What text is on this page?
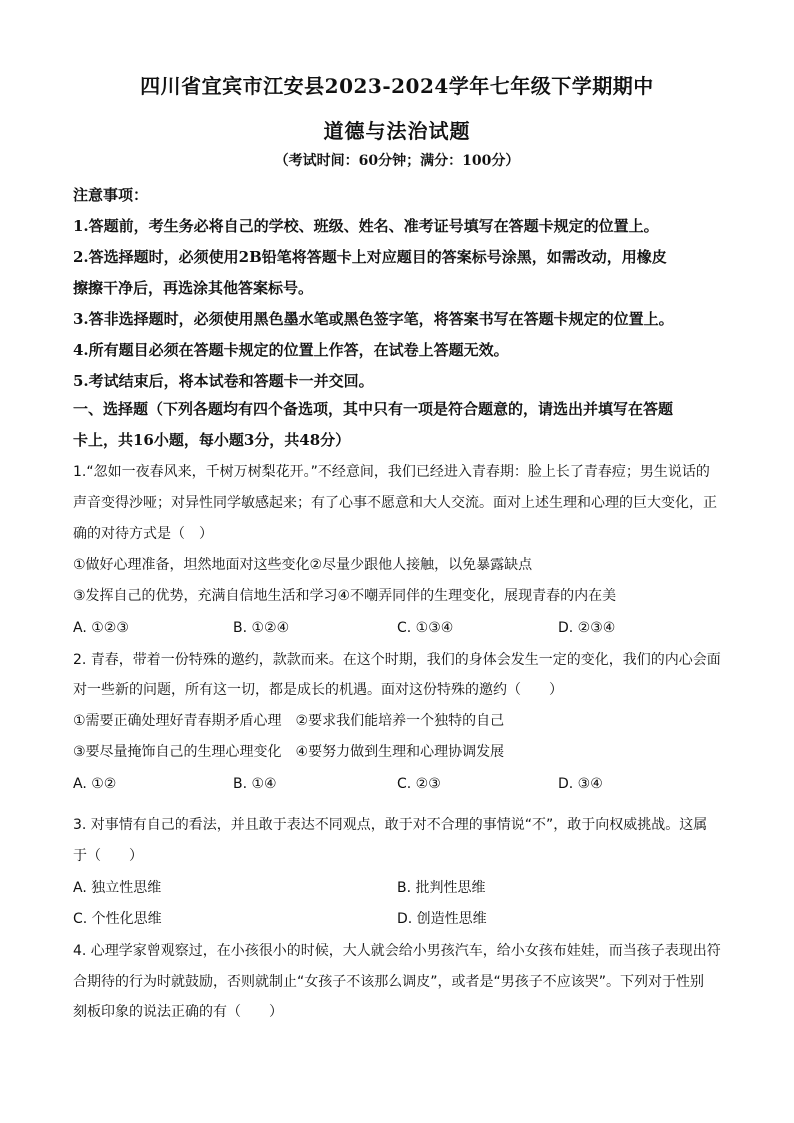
四川省宜宾市江安县2023-2024学年七年级下学期期中
道德与法治试题
（考试时间：60分钟；满分：100分）
注意事项：
1.答题前，考生务必将自己的学校、班级、姓名、准考证号填写在答题卡规定的位置上。
2.答选择题时，必须使用2B铅笔将答题卡上对应题目的答案标号涂黑，如需改动，用橡皮
擦擦干净后，再选涂其他答案标号。
3.答非选择题时，必须使用黑色墨水笔或黑色签字笔，将答案书写在答题卡规定的位置上。
4.所有题目必须在答题卡规定的位置上作答，在试卷上答题无效。
5.考试结束后，将本试卷和答题卡一并交回。
一、选择题（下列各题均有四个备选项，其中只有一项是符合题意的，请选出并填写在答题
卡上，共16小题，每小题3分，共48分）
1.“忽如一夜春风来，千树万树梨花开。”不经意间，我们已经进入青春期：脸上长了青春痘；男生说话的
声音变得沙哑；对异性同学敏感起来；有了心事不愿意和大人交流。面对上述生理和心理的巨大变化，正
确的对待方式是（　）
①做好心理准备，坦然地面对这些变化②尽量少跟他人接触，以免暴露缺点
③发挥自己的优势，充满自信地生活和学习④不嘲弄同伴的生理变化，展现青春的内在美
A. ①②③	B. ①②④	C. ①③④	D. ②③④
2. 青春，带着一份特殊的邀约，款款而来。在这个时期，我们的身体会发生一定的变化，我们的内心会面
对一些新的问题，所有这一切，都是成长的机遇。面对这份特殊的邀约（　　）
①需要正确处理好青春期矛盾心理　②要求我们能培养一个独特的自己
③要尽量掩饰自己的生理心理变化　④要努力做到生理和心理协调发展
A. ①②	B. ①④	C. ②③	D. ③④
3. 对事情有自己的看法，并且敢于表达不同观点，敢于对不合理的事情说“不”，敢于向权威挑战。这属
于（　　）
A. 独立性思维	B. 批判性思维
C. 个性化思维	D. 创造性思维
4. 心理学家曾观察过，在小孩很小的时候，大人就会给小男孩汽车，给小女孩布娃娃，而当孩子表现出符
合期待的行为时就鼓励，否则就制止“女孩子不该那么调皮”，或者是“男孩子不应该哭”。下列对于性别
刻板印象的说法正确的有（　　）
